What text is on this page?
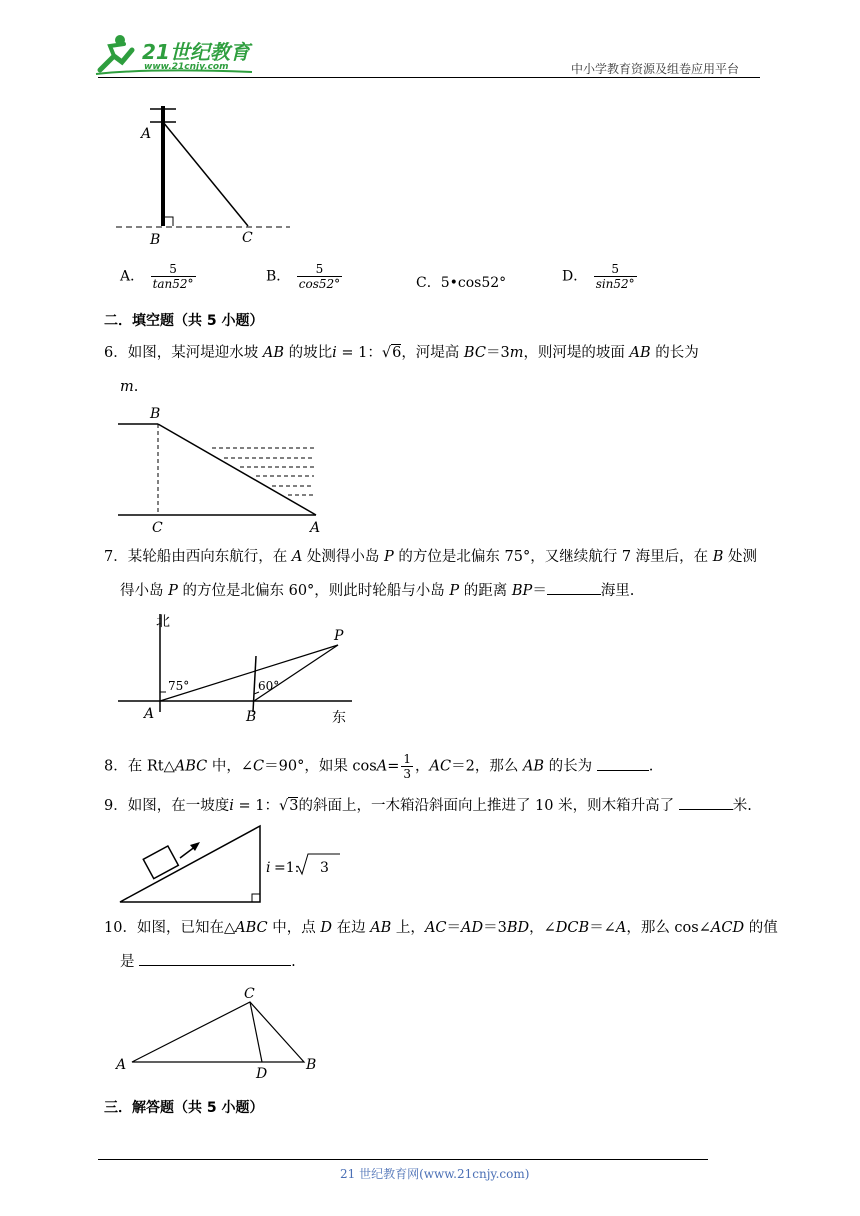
21世纪教育
www.21cnjy.com	中小学教育资源及组卷应用平台
A
B	C
A． $\frac{5}{\tan 52^\circ}$	B． $\frac{5}{\cos 52^\circ}$	C．5•cos52°	D． $\frac{5}{\sin 52^\circ}$
二．填空题（共 5 小题）
6．如图，某河堤迎水坡 AB 的坡比i = 1：√6，河堤高 BC＝3m，则河堤的坡面 AB 的长为
m.
B
C	A
7．某轮船由西向东航行，在 A 处测得小岛 P 的方位是北偏东 75°，又继续航行 7 海里后，在 B 处测
得小岛 P 的方位是北偏东 60°，则此时轮船与小岛 P 的距离 BP＝	海里.
北
东
75°	60°
A	B
P
8．在 Rt△ABC 中，∠C＝90°，如果 $\cos A= \frac{1}{3}$ ，AC＝2，那么 AB 的长为	.
9．如图，在一坡度i = 1：√3的斜面上，一木箱沿斜面向上推进了 10 米，则木箱升高了	米.
i =1: 3
10．如图，已知在△ABC 中，点 D 在边 AB 上，AC＝AD＝3BD，∠DCB＝∠A，那么 cos∠ACD 的值
是	.
A	B
C
D
三．解答题（共 5 小题）
21 世纪教育网(www.21cnjy.com)
